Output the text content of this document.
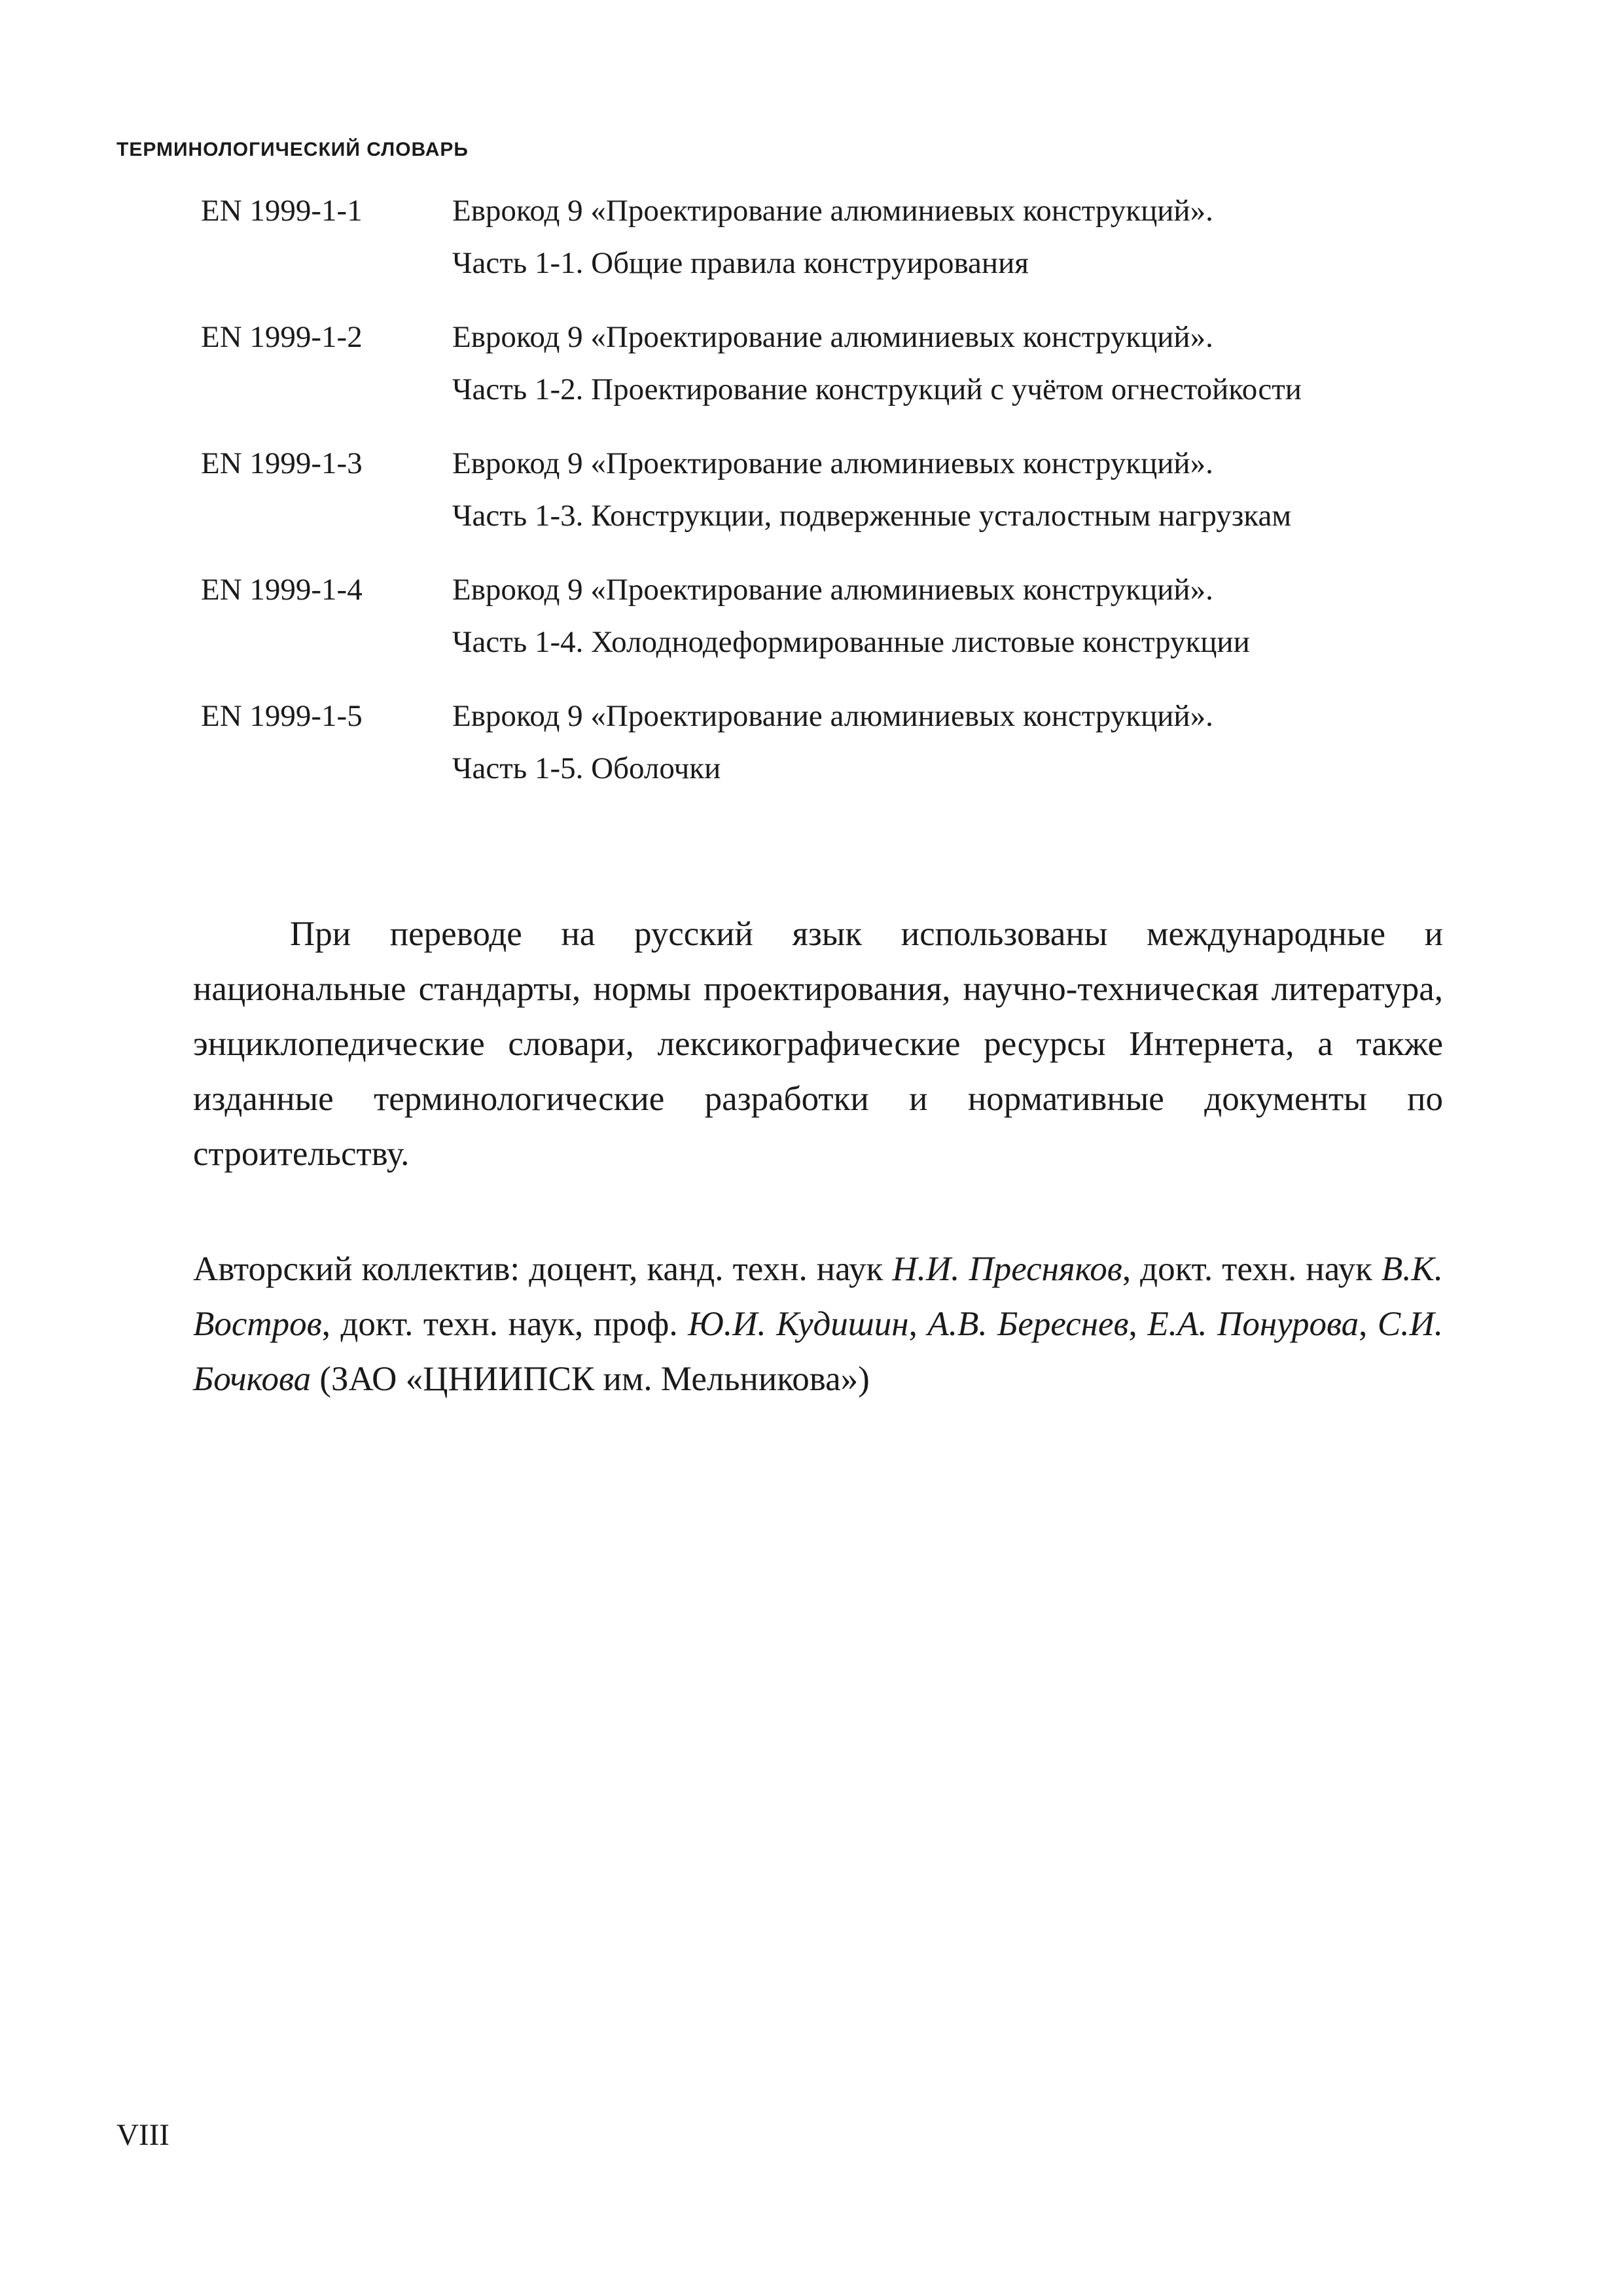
ТЕРМИНОЛОГИЧЕСКИЙ СЛОВАРЬ
EN 1999-1-1	Еврокод 9 «Проектирование алюминиевых конструкций».
Часть 1-1. Общие правила конструирования
EN 1999-1-2	Еврокод 9 «Проектирование алюминиевых конструкций».
Часть 1-2. Проектирование конструкций с учётом огнестойкости
EN 1999-1-3	Еврокод 9 «Проектирование алюминиевых конструкций».
Часть 1-3. Конструкции, подверженные усталостным нагрузкам
EN 1999-1-4	Еврокод 9 «Проектирование алюминиевых конструкций».
Часть 1-4. Холоднодеформированные листовые конструкции
EN 1999-1-5	Еврокод 9 «Проектирование алюминиевых конструкций».
Часть 1-5. Оболочки

При переводе на русский язык использованы международные и национальные стандарты, нормы проектирования, научно-техническая литература, энциклопедические словари, лексикографические ресурсы Интернета, а также изданные терминологические разработки и нормативные документы по строительству.

Авторский коллектив: доцент, канд. техн. наук Н.И. Пресняков, докт. техн. наук В.К. Востров, докт. техн. наук, проф. Ю.И. Кудишин, А.В. Береснев, Е.А. Понурова, С.И. Бочкова (ЗАО «ЦНИИПСК им. Мельникова»)

VIII
